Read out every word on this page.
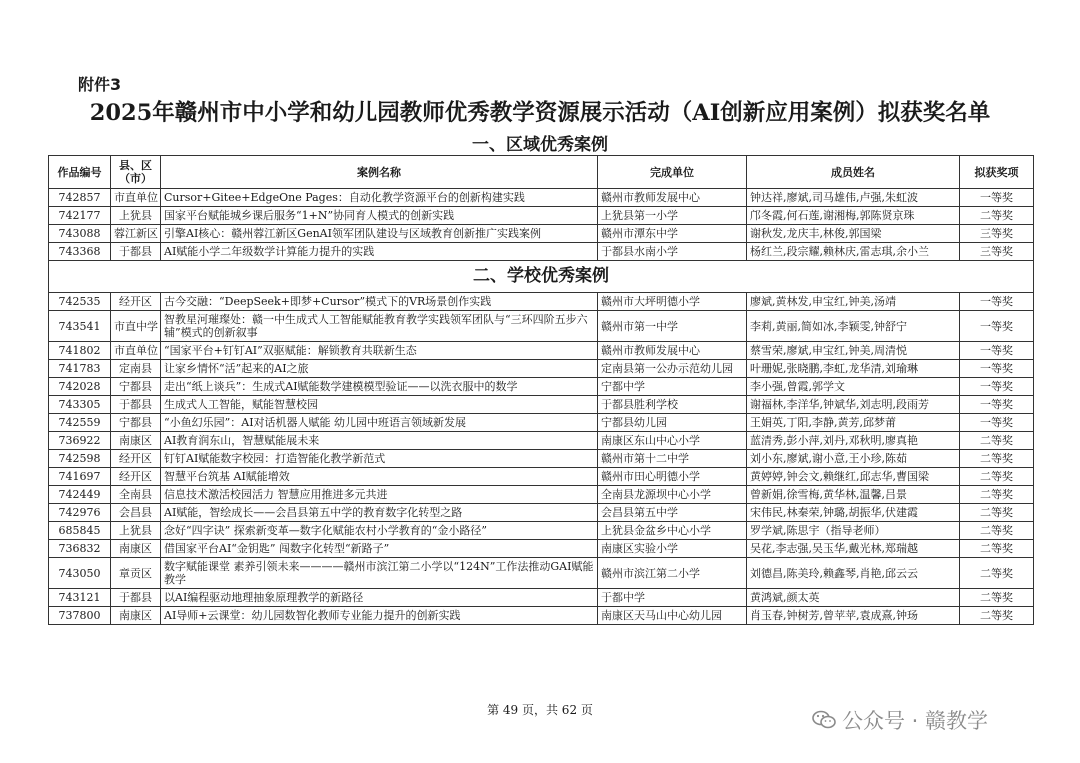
附件3
2025年赣州市中小学和幼儿园教师优秀教学资源展示活动（AI创新应用案例）拟获奖名单
一、区域优秀案例
作品编号	县、区（市）	案例名称	完成单位	成员姓名	拟获奖项
742857	市直单位	Cursor+Gitee+EdgeOne Pages：自动化教学资源平台的创新构建实践	赣州市教师发展中心	钟达祥,廖斌,司马雄伟,卢强,朱虹波	一等奖
742177	上犹县	国家平台赋能城乡课后服务“1+N”协同育人模式的创新实践	上犹县第一小学	邝冬霞,何石莲,谢湘梅,郭陈贤京珠	二等奖
743088	蓉江新区	引擎AI核心：赣州蓉江新区GenAI领军团队建设与区域教育创新推广实践案例	赣州市潭东中学	谢秋发,龙庆丰,林俊,郭国梁	三等奖
743368	于都县	AI赋能小学二年级数学计算能力提升的实践	于都县水南小学	杨红兰,段宗耀,赖林庆,雷志琪,余小兰	三等奖
二、学校优秀案例					
742535	经开区	古今交融：“DeepSeek+即梦+Cursor”模式下的VR场景创作实践	赣州市大坪明德小学	廖斌,黄林发,申宝红,钟美,汤靖	一等奖
743541	市直中学	智教星河璀璨处：赣一中生成式人工智能赋能教育教学实践领军团队与“三环四阶五步六辅”模式的创新叙事	赣州市第一中学	李莉,黄丽,简如冰,李颖雯,钟舒宁	一等奖
741802	市直单位	“国家平台+钉钉AI”双驱赋能：解锁教育共联新生态	赣州市教师发展中心	蔡雪荣,廖斌,申宝红,钟美,周清悦	一等奖
741783	定南县	让家乡情怀“活”起来的AI之旅	定南县第一公办示范幼儿园	叶珊妮,张晓鹏,李虹,龙华清,刘瑜琳	一等奖
742028	宁都县	走出“纸上谈兵”：生成式AI赋能数学建模模型验证——以洗衣服中的数学	宁都中学	李小强,曾霞,郭学文	一等奖
743305	于都县	生成式人工智能，赋能智慧校园	于都县胜利学校	谢福林,李洋华,钟斌华,刘志明,段雨芳	一等奖
742559	宁都县	“小鱼幻乐园”：AI对话机器人赋能 幼儿园中班语言领域新发展	宁都县幼儿园	王娟英,丁阳,李静,黄芳,邱梦莆	一等奖
736922	南康区	AI教育润东山，智慧赋能展未来	南康区东山中心小学	蓝清秀,彭小萍,刘丹,邓秋明,廖真艳	二等奖
742598	经开区	钉钉AI赋能数字校园：打造智能化教学新范式	赣州市第十二中学	刘小东,廖斌,谢小意,王小珍,陈茹	二等奖
741697	经开区	智慧平台筑基 AI赋能增效	赣州市田心明德小学	黄婷婷,钟会文,赖继红,邱志华,曹国梁	二等奖
742449	全南县	信息技术激活校园活力 智慧应用推进多元共进	全南县龙源坝中心小学	曾新娟,徐雪梅,黄华林,温馨,吕景	二等奖
742976	会昌县	AI赋能，智绘成长——会昌县第五中学的教育数字化转型之路	会昌县第五中学	宋伟民,林秦荣,钟璐,胡振华,伏建霞	二等奖
685845	上犹县	念好“四字诀” 探索新变革—数字化赋能农村小学教育的“金小路径”	上犹县金盆乡中心小学	罗学斌,陈思宇（指导老师）	二等奖
736832	南康区	借国家平台AI“金钥匙” 闯数字化转型“新路子”	南康区实验小学	吴花,李志强,吴玉华,戴光林,郑瑞越	二等奖
743050	章贡区	数字赋能课堂 素养引领未来————赣州市滨江第二小学以“124N”工作法推动GAI赋能教学	赣州市滨江第二小学	刘德昌,陈美玲,赖鑫琴,肖艳,邱云云	二等奖
743121	于都县	以AI编程驱动地理抽象原理教学的新路径	于都中学	黄鸿斌,颜太英	二等奖
737800	南康区	AI导师+云课堂：幼儿园数智化教师专业能力提升的创新实践	南康区天马山中心幼儿园	肖玉春,钟树芳,曾苹苹,袁成熹,钟玚	二等奖
第 49 页，共 62 页	公众号 · 赣教学
